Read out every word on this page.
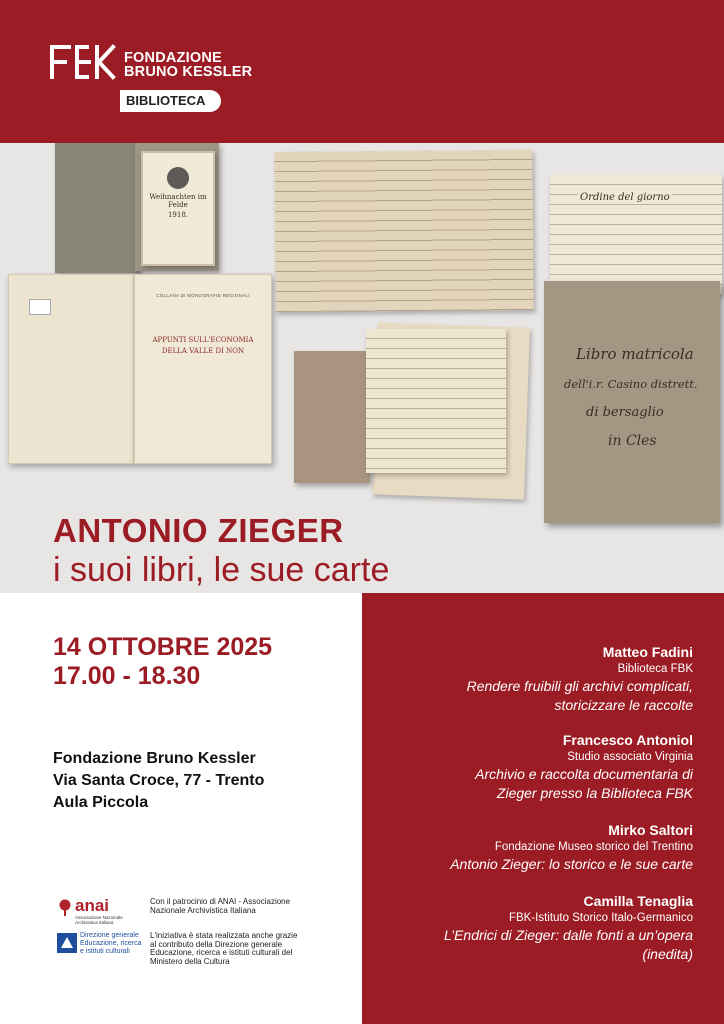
FONDAZIONE
BRUNO KESSLER
BIBLIOTECA
Weihnachten im Felde
1918.
COLLANA DI MONOGRAFIE REGIONALI
APPUNTI SULL'ECONOMIA
DELLA VALLE DI NON
Ordine del giorno
Libro matricola
dell'i.r. Casino distrett.
di bersaglio
in Cles
ANTONIO ZIEGER
i suoi libri, le sue carte
14 OTTOBRE 2025
17.00 - 18.30
Fondazione Bruno Kessler
Via Santa Croce, 77 - Trento
Aula Piccola
anai
Associazione Nazionale Archivistica Italiana
Direzione generale
Educazione, ricerca
e istituti culturali
Con il patrocinio di ANAI - Associazione
Nazionale Archivistica Italiana
L'iniziativa è stata realizzata anche grazie
al contributo della Direzione generale
Educazione, ricerca e istituti culturali del
Ministero della Cultura
Matteo Fadini
Biblioteca FBK
Rendere fruibili gli archivi complicati,
storicizzare le raccolte
Francesco Antoniol
Studio associato Virginia
Archivio e raccolta documentaria di
Zieger presso la Biblioteca FBK
Mirko Saltori
Fondazione Museo storico del Trentino
Antonio Zieger: lo storico e le sue carte
Camilla Tenaglia
FBK-Istituto Storico Italo-Germanico
L’Endrici di Zieger: dalle fonti a un’opera
(inedita)
